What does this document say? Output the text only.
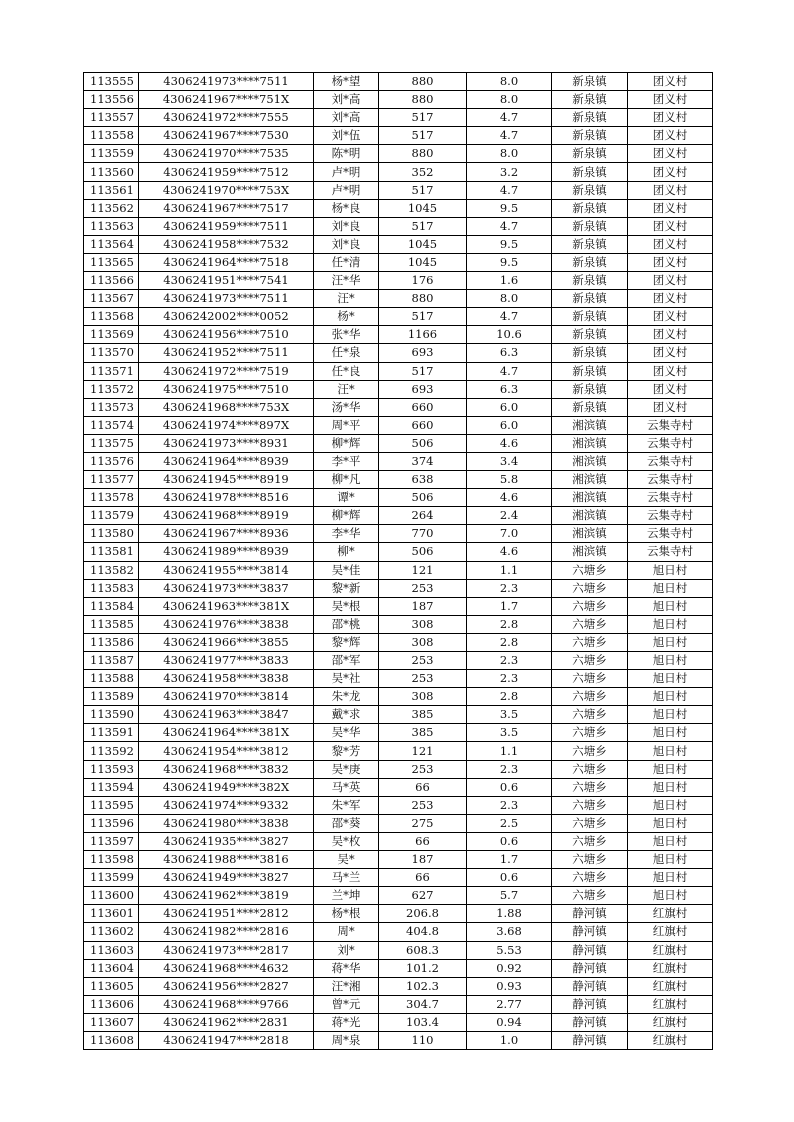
113555	4306241973****7511	杨*望	880	8.0	新泉镇	团义村
113556	4306241967****751X	刘*高	880	8.0	新泉镇	团义村
113557	4306241972****7555	刘*高	517	4.7	新泉镇	团义村
113558	4306241967****7530	刘*伍	517	4.7	新泉镇	团义村
113559	4306241970****7535	陈*明	880	8.0	新泉镇	团义村
113560	4306241959****7512	卢*明	352	3.2	新泉镇	团义村
113561	4306241970****753X	卢*明	517	4.7	新泉镇	团义村
113562	4306241967****7517	杨*良	1045	9.5	新泉镇	团义村
113563	4306241959****7511	刘*良	517	4.7	新泉镇	团义村
113564	4306241958****7532	刘*良	1045	9.5	新泉镇	团义村
113565	4306241964****7518	任*清	1045	9.5	新泉镇	团义村
113566	4306241951****7541	汪*华	176	1.6	新泉镇	团义村
113567	4306241973****7511	汪*	880	8.0	新泉镇	团义村
113568	4306242002****0052	杨*	517	4.7	新泉镇	团义村
113569	4306241956****7510	张*华	1166	10.6	新泉镇	团义村
113570	4306241952****7511	任*泉	693	6.3	新泉镇	团义村
113571	4306241972****7519	任*良	517	4.7	新泉镇	团义村
113572	4306241975****7510	汪*	693	6.3	新泉镇	团义村
113573	4306241968****753X	汤*华	660	6.0	新泉镇	团义村
113574	4306241974****897X	周*平	660	6.0	湘滨镇	云集寺村
113575	4306241973****8931	柳*辉	506	4.6	湘滨镇	云集寺村
113576	4306241964****8939	李*平	374	3.4	湘滨镇	云集寺村
113577	4306241945****8919	柳*凡	638	5.8	湘滨镇	云集寺村
113578	4306241978****8516	谭*	506	4.6	湘滨镇	云集寺村
113579	4306241968****8919	柳*辉	264	2.4	湘滨镇	云集寺村
113580	4306241967****8936	李*华	770	7.0	湘滨镇	云集寺村
113581	4306241989****8939	柳*	506	4.6	湘滨镇	云集寺村
113582	4306241955****3814	吴*佳	121	1.1	六塘乡	旭日村
113583	4306241973****3837	黎*新	253	2.3	六塘乡	旭日村
113584	4306241963****381X	吴*根	187	1.7	六塘乡	旭日村
113585	4306241976****3838	邵*桃	308	2.8	六塘乡	旭日村
113586	4306241966****3855	黎*辉	308	2.8	六塘乡	旭日村
113587	4306241977****3833	邵*军	253	2.3	六塘乡	旭日村
113588	4306241958****3838	吴*社	253	2.3	六塘乡	旭日村
113589	4306241970****3814	朱*龙	308	2.8	六塘乡	旭日村
113590	4306241963****3847	戴*求	385	3.5	六塘乡	旭日村
113591	4306241964****381X	吴*华	385	3.5	六塘乡	旭日村
113592	4306241954****3812	黎*芳	121	1.1	六塘乡	旭日村
113593	4306241968****3832	吴*庚	253	2.3	六塘乡	旭日村
113594	4306241949****382X	马*英	66	0.6	六塘乡	旭日村
113595	4306241974****9332	朱*军	253	2.3	六塘乡	旭日村
113596	4306241980****3838	邵*葵	275	2.5	六塘乡	旭日村
113597	4306241935****3827	吴*枚	66	0.6	六塘乡	旭日村
113598	4306241988****3816	吴*	187	1.7	六塘乡	旭日村
113599	4306241949****3827	马*兰	66	0.6	六塘乡	旭日村
113600	4306241962****3819	兰*坤	627	5.7	六塘乡	旭日村
113601	4306241951****2812	杨*根	206.8	1.88	静河镇	红旗村
113602	4306241982****2816	周*	404.8	3.68	静河镇	红旗村
113603	4306241973****2817	刘*	608.3	5.53	静河镇	红旗村
113604	4306241968****4632	蒋*华	101.2	0.92	静河镇	红旗村
113605	4306241956****2827	汪*湘	102.3	0.93	静河镇	红旗村
113606	4306241968****9766	曾*元	304.7	2.77	静河镇	红旗村
113607	4306241962****2831	蒋*光	103.4	0.94	静河镇	红旗村
113608	4306241947****2818	周*泉	110	1.0	静河镇	红旗村
